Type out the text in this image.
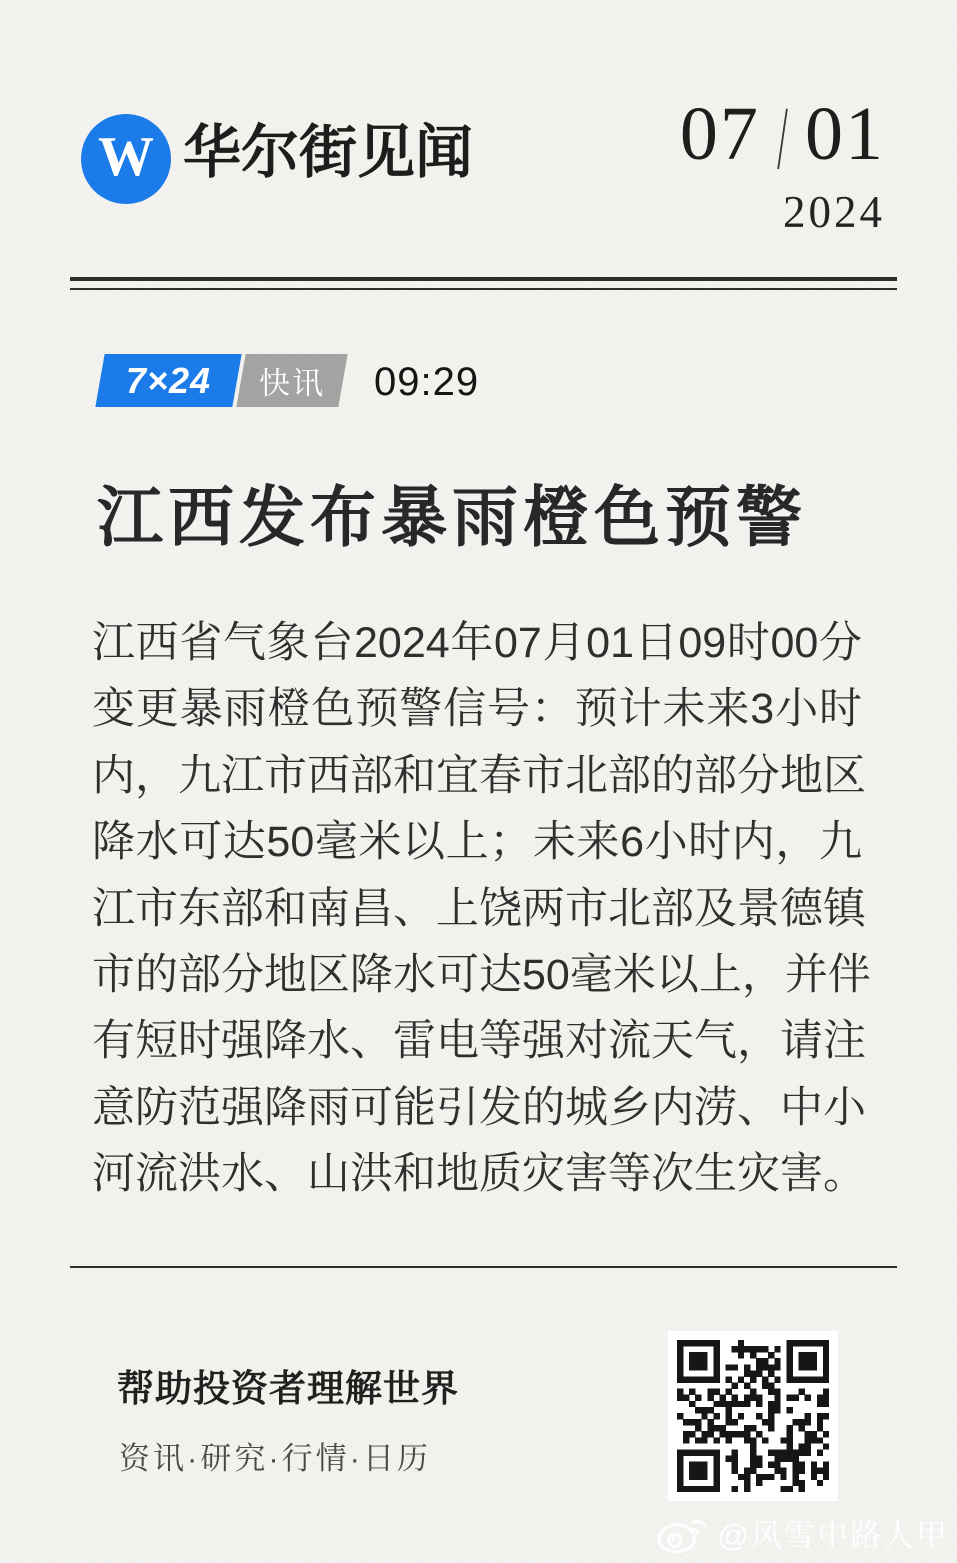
W 华尔街见闻	07 / 01
2024
7×24 快讯 09:29
江西发布暴雨橙色预警
江西省气象台2024年07月01日09时00分
变更暴雨橙色预警信号：预计未来3小时
内，九江市西部和宜春市北部的部分地区
降水可达50毫米以上；未来6小时内，九
江市东部和南昌、上饶两市北部及景德镇
市的部分地区降水可达50毫米以上，并伴
有短时强降水、雷电等强对流天气，请注
意防范强降雨可能引发的城乡内涝、中小
河流洪水、山洪和地质灾害等次生灾害。
帮助投资者理解世界
资讯·研究·行情·日历
@风雪中路人甲
